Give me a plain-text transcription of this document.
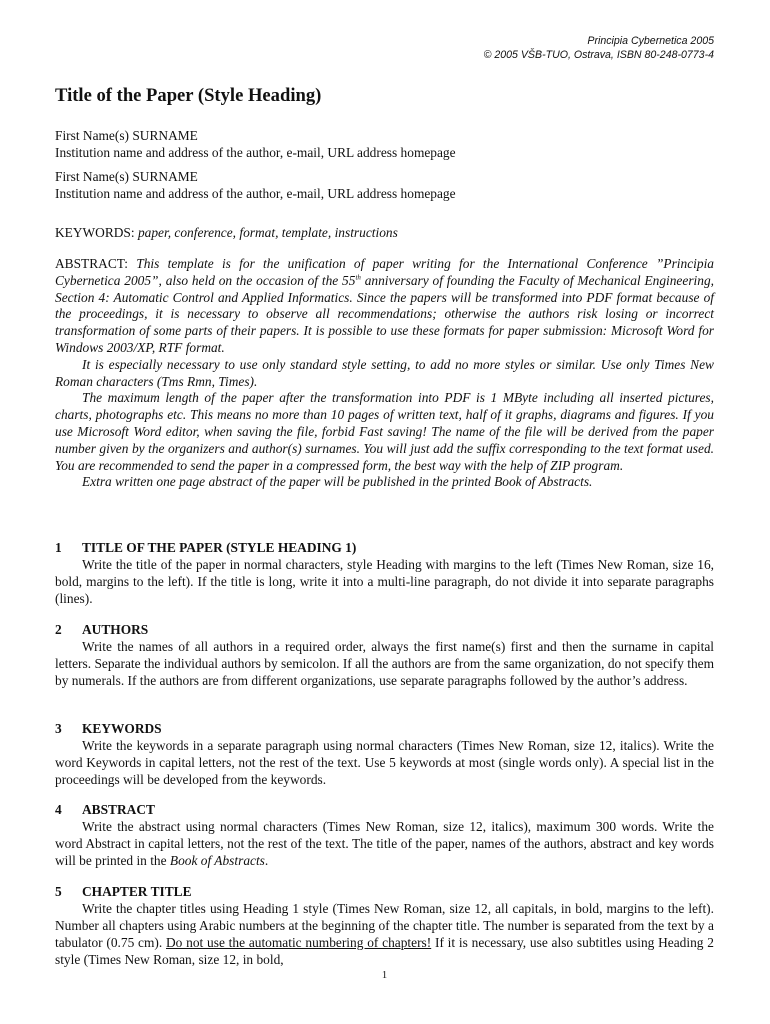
Principia Cybernetica 2005
© 2005 VŠB-TUO, Ostrava, ISBN 80-248-0773-4
Title of the Paper (Style Heading)
First Name(s) SURNAME
Institution name and address of the author, e-mail, URL address homepage
First Name(s) SURNAME
Institution name and address of the author, e-mail, URL address homepage
KEYWORDS: paper, conference, format, template, instructions

ABSTRACT: This template is for the unification of paper writing for the International Conference ”Principia Cybernetica 2005”, also held on the occasion of the 55th anniversary of founding the Faculty of Mechanical Engineering, Section 4: Automatic Control and Applied Informatics. Since the papers will be transformed into PDF format because of the proceedings, it is necessary to observe all recommendations; otherwise the authors risk losing or incorrect transformation of some parts of their papers. It is possible to use these formats for paper submission: Microsoft Word for Windows 2003/XP, RTF format.

It is especially necessary to use only standard style setting, to add no more styles or similar. Use only Times New Roman characters (Tms Rmn, Times).

The maximum length of the paper after the transformation into PDF is 1 MByte including all inserted pictures, charts, photographs etc. This means no more than 10 pages of written text, half of it graphs, diagrams and figures. If you use Microsoft Word editor, when saving the file, forbid Fast saving! The name of the file will be derived from the paper number given by the organizers and author(s) surnames. You will just add the suffix corresponding to the text format used. You are recommended to send the paper in a compressed form, the best way with the help of ZIP program.

Extra written one page abstract of the paper will be published in the printed Book of Abstracts.

1 TITLE OF THE PAPER (STYLE HEADING 1)

Write the title of the paper in normal characters, style Heading with margins to the left (Times New Roman, size 16, bold, margins to the left). If the title is long, write it into a multi-line paragraph, do not divide it into separate paragraphs (lines).

2 AUTHORS

Write the names of all authors in a required order, always the first name(s) first and then the surname in capital letters. Separate the individual authors by semicolon. If all the authors are from the same organization, do not specify them by numerals. If the authors are from different organizations, use separate paragraphs followed by the author’s address.

3 KEYWORDS

Write the keywords in a separate paragraph using normal characters (Times New Roman, size 12, italics). Write the word Keywords in capital letters, not the rest of the text. Use 5 keywords at most (single words only). A special list in the proceedings will be developed from the keywords.

4 ABSTRACT

Write the abstract using normal characters (Times New Roman, size 12, italics), maximum 300 words. Write the word Abstract in capital letters, not the rest of the text. The title of the paper, names of the authors, abstract and key words will be printed in the Book of Abstracts.

5 CHAPTER TITLE

Write the chapter titles using Heading 1 style (Times New Roman, size 12, all capitals, in bold, margins to the left). Number all chapters using Arabic numbers at the beginning of the chapter title. The number is separated from the text by a tabulator (0.75 cm). Do not use the automatic numbering of chapters! If it is necessary, use also subtitles using Heading 2 style (Times New Roman, size 12, in bold,

1
